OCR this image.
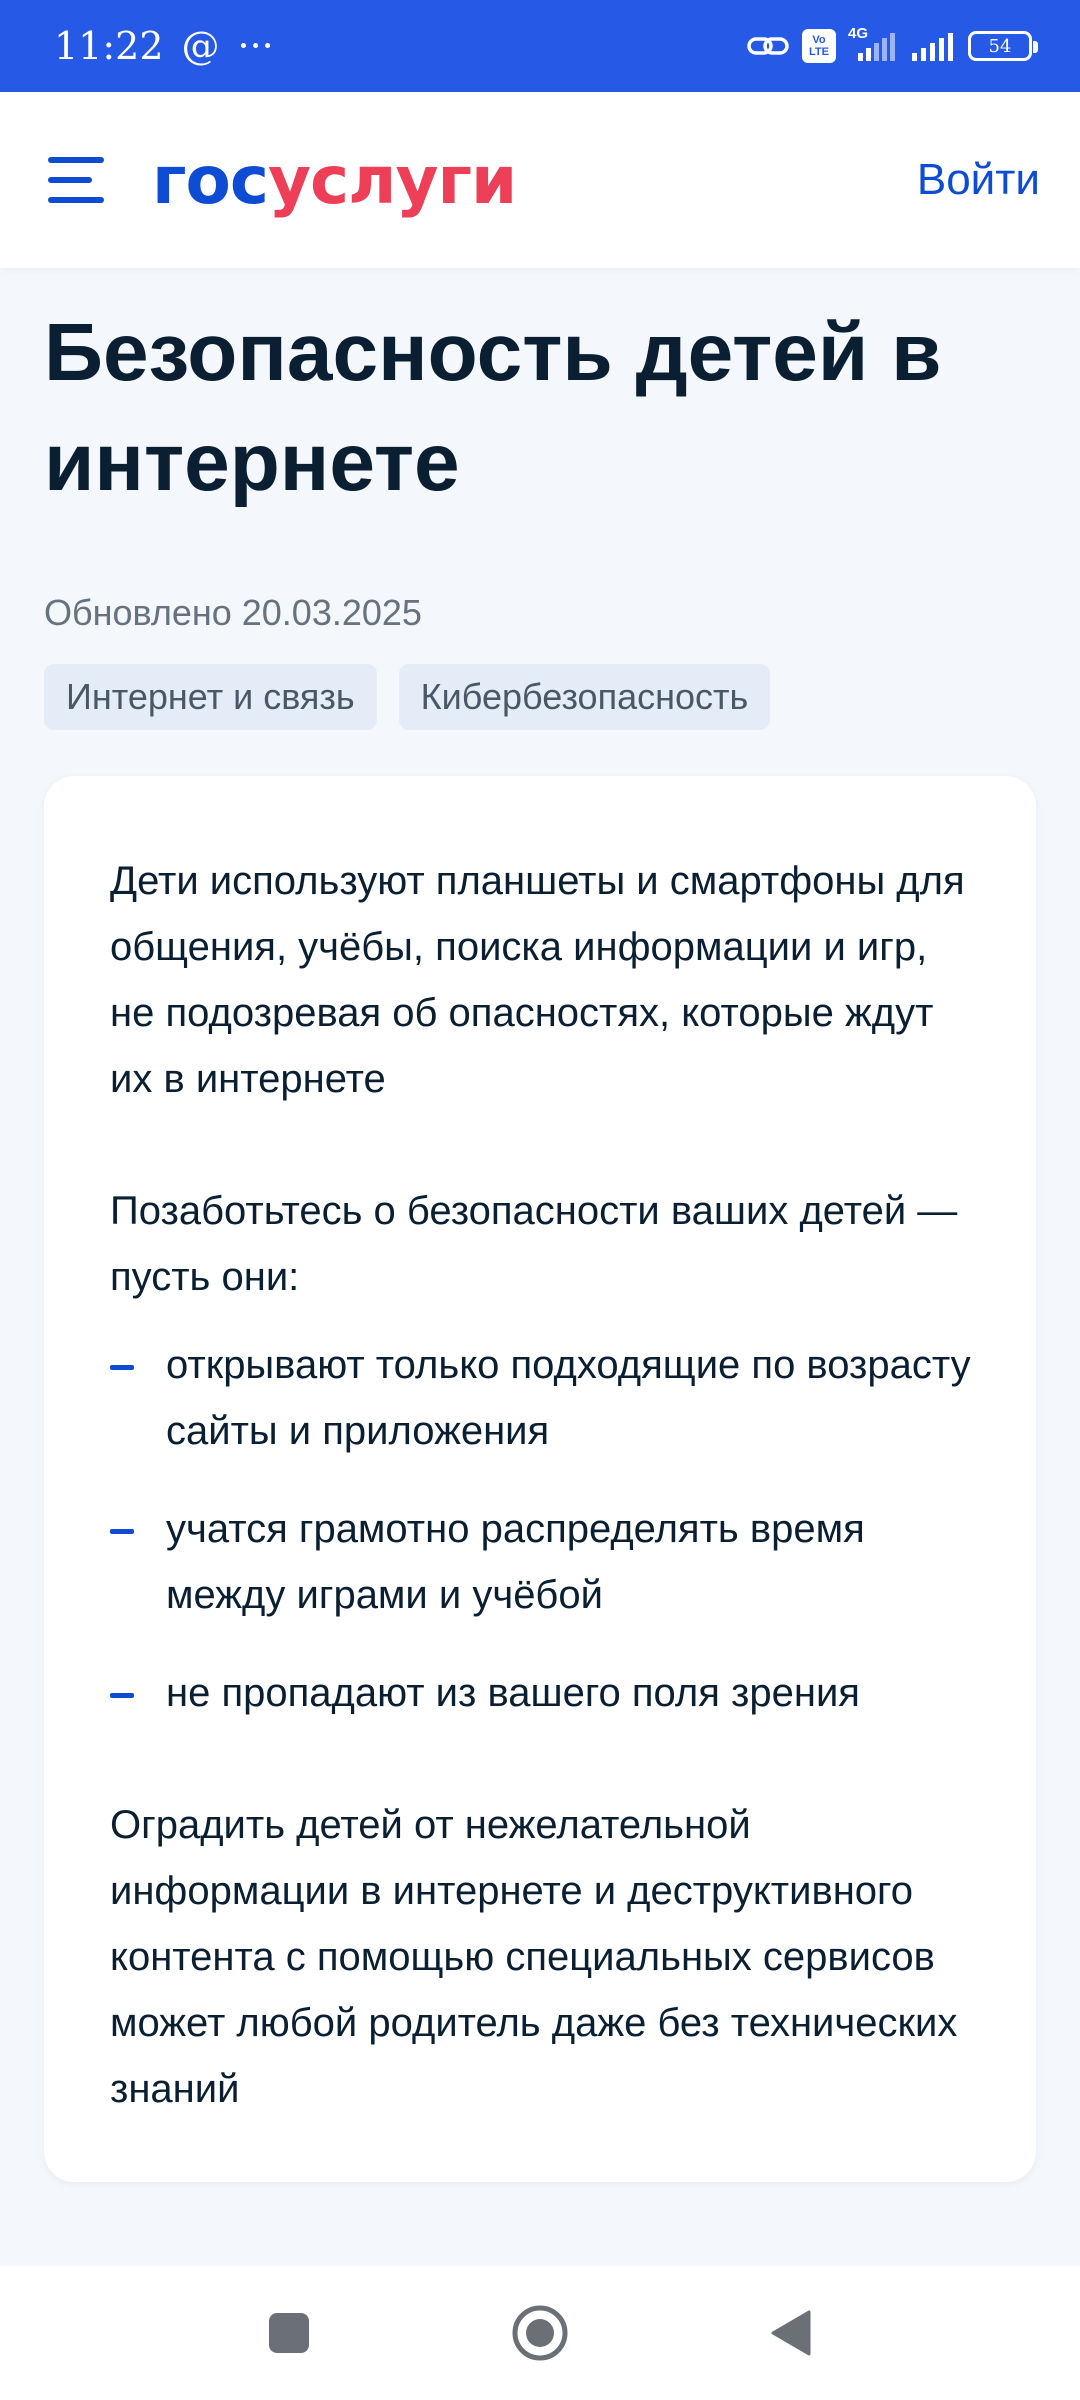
11:22 @ ···	Vo
LTE
4G
54
госуслуги	Войти
Безопасность детей в интернете
Обновлено 20.03.2025
Интернет и связь	Кибербезопасность

Дети используют планшеты и смартфоны для общения, учёбы, поиска информации и игр, не подозревая об опасностях, которые ждут их в интернете

Позаботьтесь о безопасности ваших детей — пусть они:

открывают только подходящие по возрасту сайты и приложения
учатся грамотно распределять время между играми и учёбой
не пропадают из вашего поля зрения

Оградить детей от нежелательной информации в интернете и деструктивного контента с помощью специальных сервисов может любой родитель даже без технических знаний
